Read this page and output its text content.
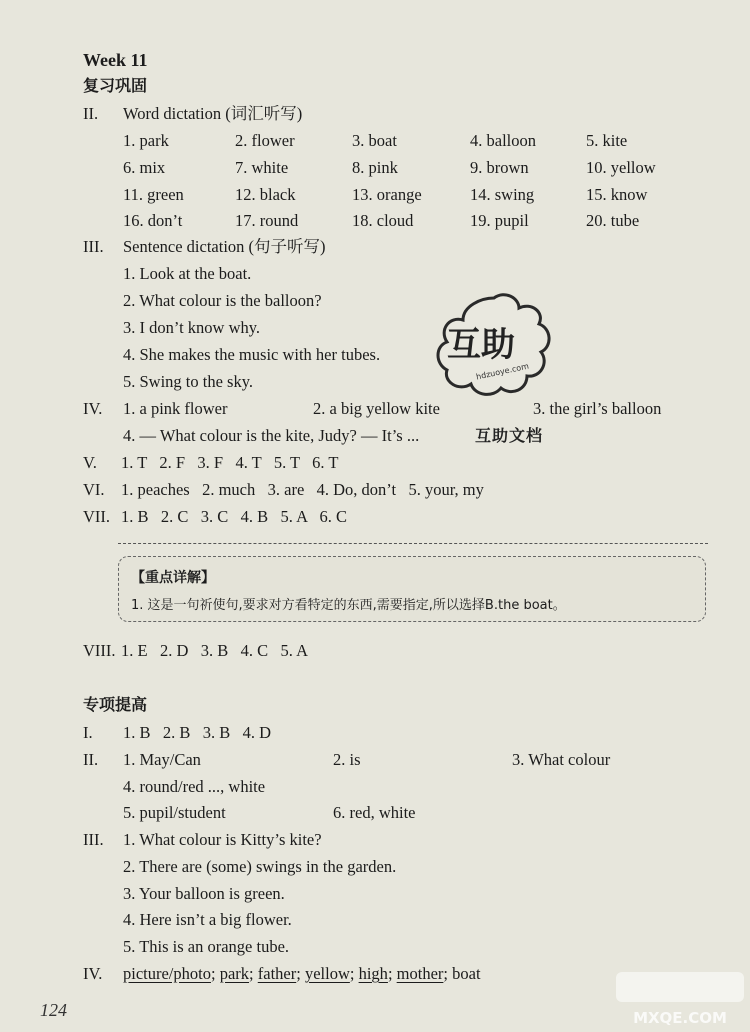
Week 11
复习巩固
II. Word dictation (词汇听写)
1. park	2. flower	3. boat	4. balloon	5. kite
6. mix	7. white	8. pink	9. brown	10. yellow
11. green	12. black	13. orange	14. swing	15. know
16. don’t	17. round	18. cloud	19. pupil	20. tube
III. Sentence dictation (句子听写)
1. Look at the boat.
2. What colour is the balloon?
3. I don’t know why.
4. She makes the music with her tubes.
5. Swing to the sky.
IV. 1. a pink flower	2. a big yellow kite	3. the girl’s balloon
4. — What colour is the kite, Judy? — It’s ...
V. 1. T   2. F   3. F   4. T   5. T   6. T
VI. 1. peaches   2. much   3. are   4. Do, don’t   5. your, my
VII. 1. B   2. C   3. C   4. B   5. A   6. C
【重点详解】
1. 这是一句祈使句,要求对方看特定的东西,需要指定,所以选择B.the boat。
VIII. 1. E   2. D   3. B   4. C   5. A
专项提高
I. 1. B   2. B   3. B   4. D
II. 1. May/Can	2. is	3. What colour
4. round/red ..., white
5. pupil/student	6. red, white
III. 1. What colour is Kitty’s kite?
2. There are (some) swings in the garden.
3. Your balloon is green.
4. Here isn’t a big flower.
5. This is an orange tube.
IV. picture/photo; park; father; yellow; high; mother; boat
互助
hdzuoye.com
互助文档
124	MXQE.COM
